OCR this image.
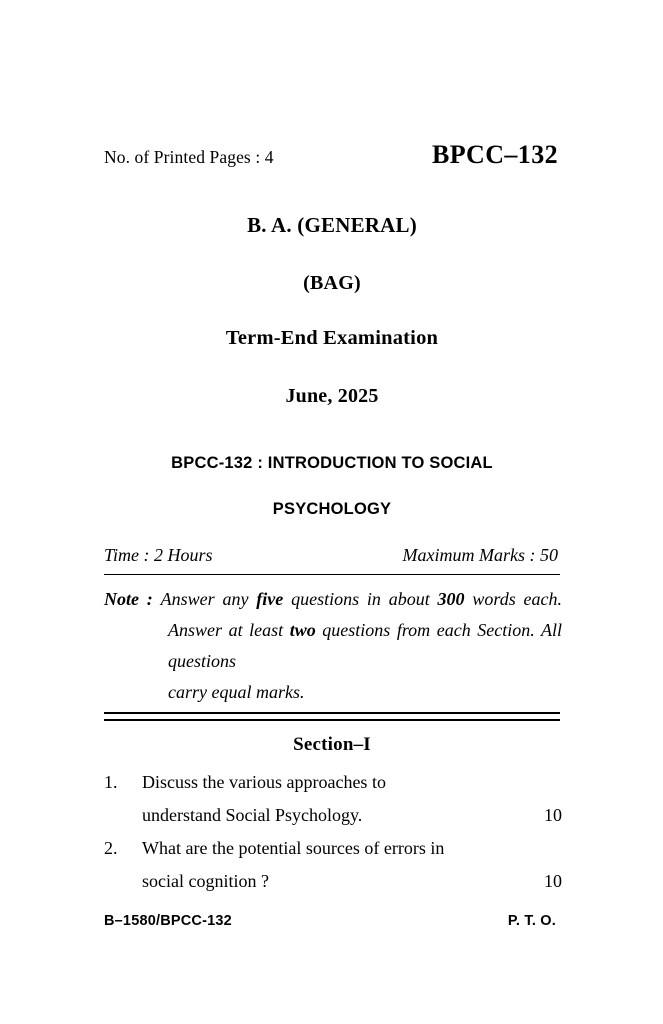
No. of Printed Pages : 4	BPCC–132
B. A. (GENERAL)
(BAG)
Term-End Examination
June, 2025
BPCC-132 : INTRODUCTION TO SOCIAL
PSYCHOLOGY
Time : 2 Hours	Maximum Marks : 50
Note : Answer any five questions in about 300 words each. Answer at least two questions from each Section. All questions
carry equal marks.
Section–I
1.	Discuss the various approaches to
understand Social Psychology.	10
2.	What are the potential sources of errors in
social cognition ?	10
B–1580/BPCC-132	P. T. O.
